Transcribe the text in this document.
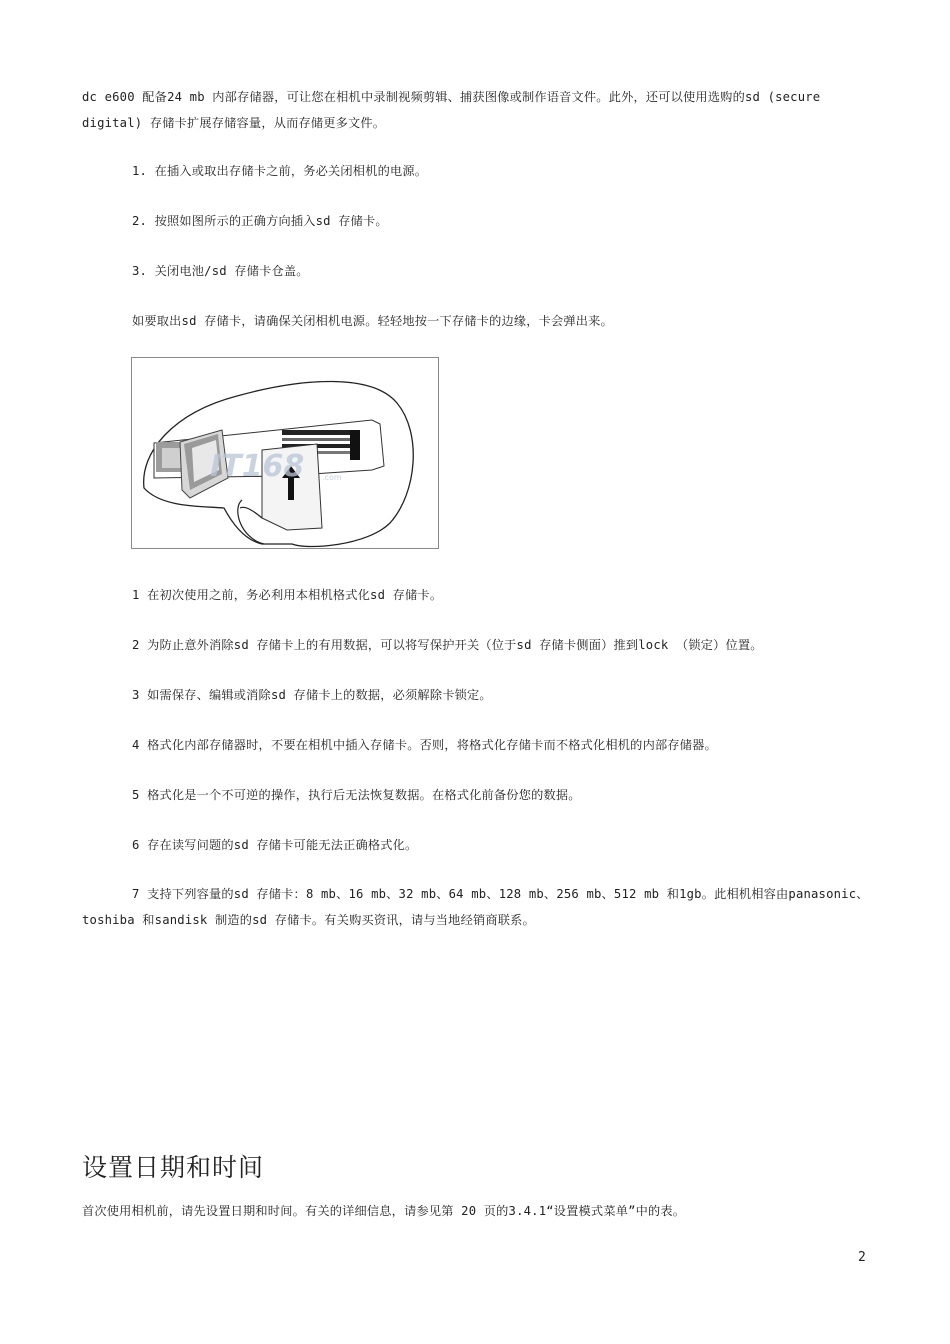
dc e600 配备24 mb 内部存储器，可让您在相机中录制视频剪辑、捕获图像或制作语音文件。此外，还可以使用选购的sd (secure digital) 存储卡扩展存储容量，从而存储更多文件。

1. 在插入或取出存储卡之前，务必关闭相机的电源。

2. 按照如图所示的正确方向插入sd 存储卡。

3. 关闭电池/sd 存储卡仓盖。

如要取出sd 存储卡，请确保关闭相机电源。轻轻地按一下存储卡的边缘，卡会弹出来。

IT168 .com

1 在初次使用之前，务必利用本相机格式化sd 存储卡。

2 为防止意外消除sd 存储卡上的有用数据，可以将写保护开关（位于sd 存储卡侧面）推到lock （锁定）位置。

3 如需保存、编辑或消除sd 存储卡上的数据，必须解除卡锁定。

4 格式化内部存储器时，不要在相机中插入存储卡。否则，将格式化存储卡而不格式化相机的内部存储器。

5 格式化是一个不可逆的操作，执行后无法恢复数据。在格式化前备份您的数据。

6 存在读写问题的sd 存储卡可能无法正确格式化。

7 支持下列容量的sd 存储卡：8 mb、16 mb、32 mb、64 mb、128 mb、256 mb、512 mb 和1gb。此相机相容由panasonic、toshiba 和sandisk 制造的sd 存储卡。有关购买资讯，请与当地经销商联系。

设置日期和时间

首次使用相机前，请先设置日期和时间。有关的详细信息，请参见第 20 页的3.4.1“设置模式菜单”中的表。

2
